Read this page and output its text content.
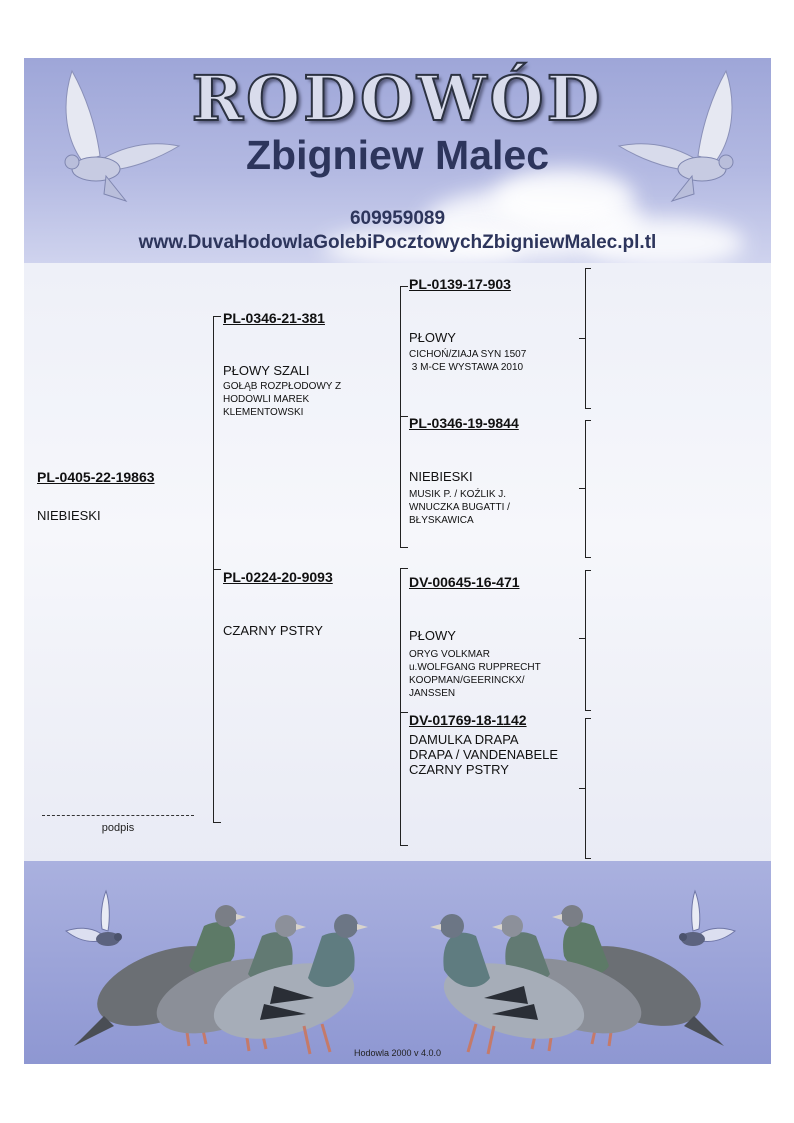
RODOWÓD
Zbigniew Malec
609959089
www.DuvaHodowlaGolebiPocztowychZbigniewMalec.pl.tl
PL-0405-22-19863
NIEBIESKI
PL-0346-21-381
PŁOWY SZALI
GOŁĄB ROZPŁODOWY Z
HODOWLI MAREK
KLEMENTOWSKI
PL-0224-20-9093
CZARNY PSTRY
PL-0139-17-903
PŁOWY
CICHOŃ/ZIAJA SYN 1507
3 M-CE WYSTAWA 2010
PL-0346-19-9844
NIEBIESKI
MUSIK P. / KOŹLIK J.
WNUCZKA BUGATTI /
BŁYSKAWICA
DV-00645-16-471
PŁOWY
ORYG VOLKMAR
u.WOLFGANG RUPPRECHT
KOOPMAN/GEERINCKX/
JANSSEN
DV-01769-18-1142
DAMULKA DRAPA
DRAPA / VANDENABELE
CZARNY PSTRY
podpis
Hodowla 2000 v 4.0.0
